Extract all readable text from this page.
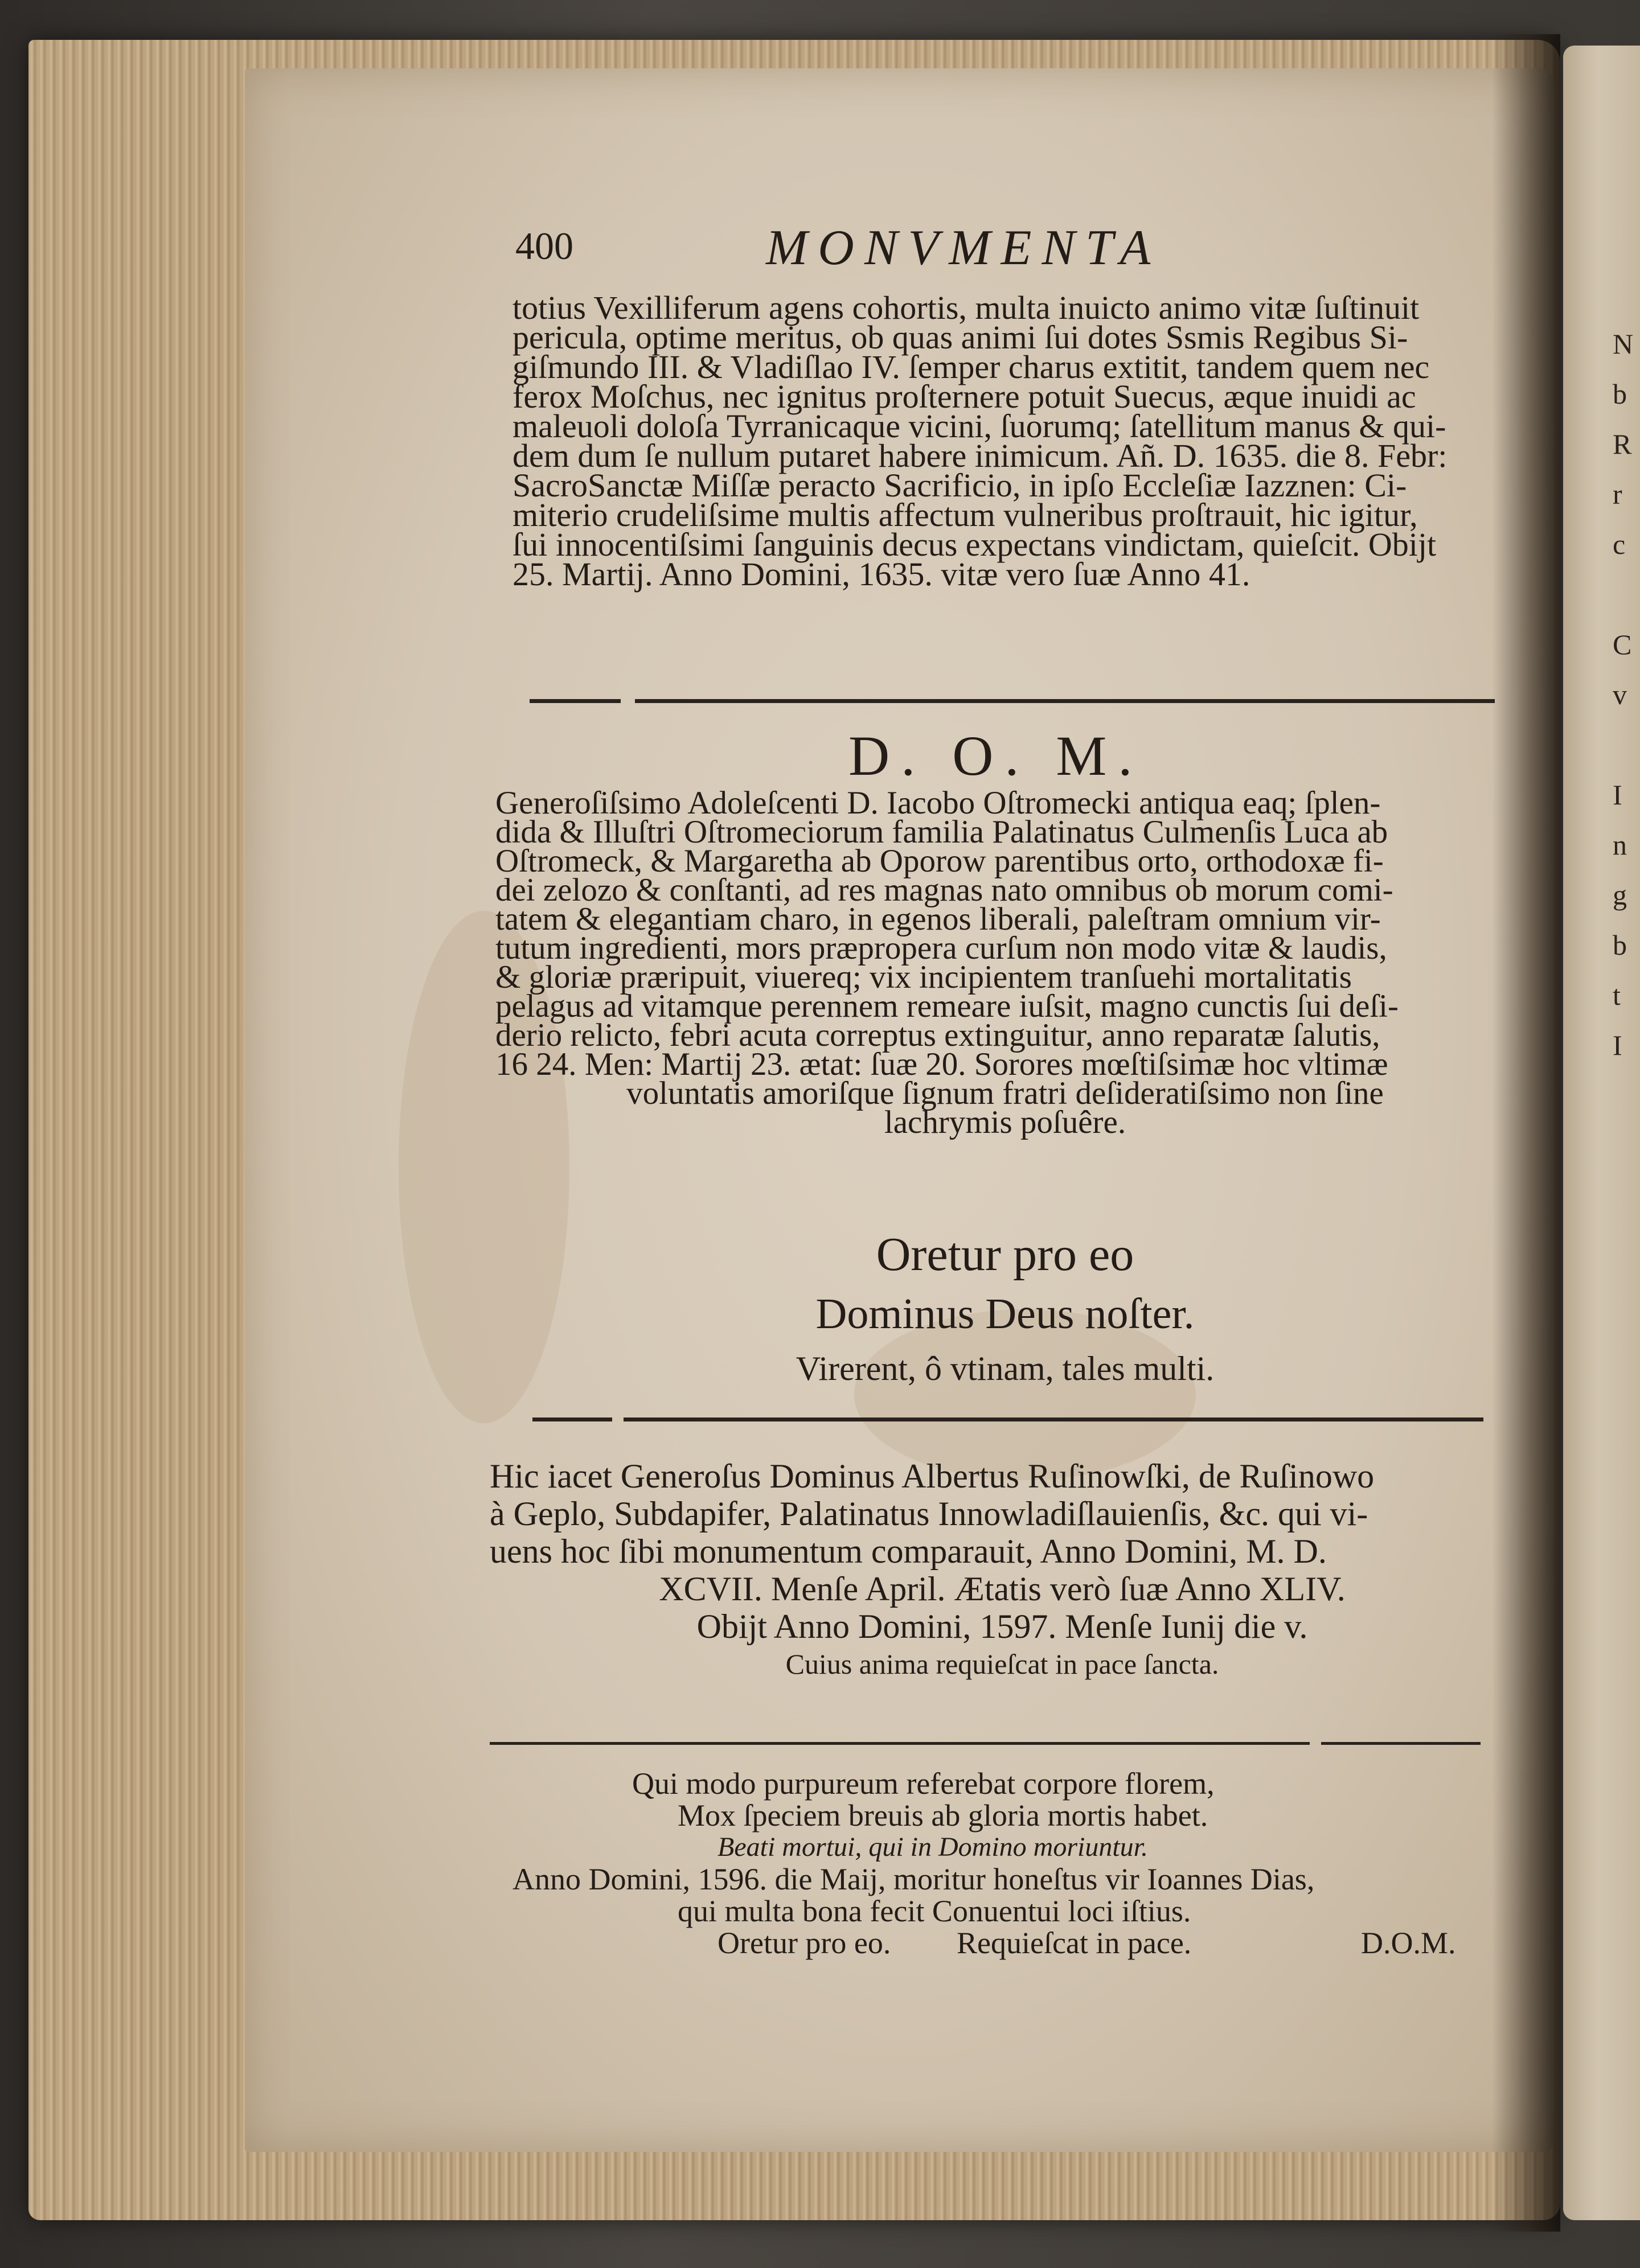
N
b
R
r
c
C
v
I
n
g
b
t
I
400	MONVMENTA
totius Vexilliferum agens cohortis, multa inuicto animo vitæ ſuſtinuit
pericula, optime meritus, ob quas animi ſui dotes Ssmis Regibus Si-
giſmundo III. & Vladiſlao IV. ſemper charus extitit, tandem quem nec
ferox Moſchus, nec ignitus proſternere potuit Suecus, æque inuidi ac
maleuoli doloſa Tyrranicaque vicini, ſuorumq; ſatellitum manus & qui-
dem dum ſe nullum putaret habere inimicum. Añ. D. 1635. die 8. Febr:
SacroSanctæ Miſſæ peracto Sacrificio, in ipſo Eccleſiæ Iazznen: Ci-
miterio crudeliſsime multis affectum vulneribus proſtrauit, hic igitur,
ſui innocentiſsimi ſanguinis decus expectans vindictam, quieſcit. Obijt
25. Martij. Anno Domini, 1635. vitæ vero ſuæ Anno 41.
D. O. M.
Generoſiſsimo Adoleſcenti D. Iacobo Oſtromecki antiqua eaq; ſplen-
dida & Illuſtri Oſtromeciorum familia Palatinatus Culmenſis Luca ab
Oſtromeck, & Margaretha ab Oporow parentibus orto, orthodoxæ fi-
dei zelozo & conſtanti, ad res magnas nato omnibus ob morum comi-
tatem & elegantiam charo, in egenos liberali, paleſtram omnium vir-
tutum ingredienti, mors præpropera curſum non modo vitæ & laudis,
& gloriæ præripuit, viuereq; vix incipientem tranſuehi mortalitatis
pelagus ad vitamque perennem remeare iuſsit, magno cunctis ſui deſi-
derio relicto, febri acuta correptus extinguitur, anno reparatæ ſalutis,
16 24. Men: Martij 23. ætat: ſuæ 20. Sorores mœſtiſsimæ hoc vltimæ
voluntatis amoriſque ſignum fratri deſideratiſsimo non ſine
lachrymis poſuêre.
Oretur pro eo
Dominus Deus noſter.
Virerent, ô vtinam, tales multi.
Hic iacet Generoſus Dominus Albertus Ruſinowſki, de Ruſinowo
à Geplo, Subdapifer, Palatinatus Innowladiſlauienſis, &c. qui vi-
uens hoc ſibi monumentum comparauit, Anno Domini, M. D.
XCVII. Menſe April. Ætatis verò ſuæ Anno XLIV.
Obijt Anno Domini, 1597. Menſe Iunij die v.
Cuius anima requieſcat in pace ſancta.
Qui modo purpureum referebat corpore florem,
Mox ſpeciem breuis ab gloria mortis habet.
Beati mortui, qui in Domino moriuntur.
Anno Domini, 1596. die Maij, moritur honeſtus vir Ioannes Dias,
qui multa bona fecit Conuentui loci iſtius.
Oretur pro eo. Requieſcat in pace.	D.O.M.
